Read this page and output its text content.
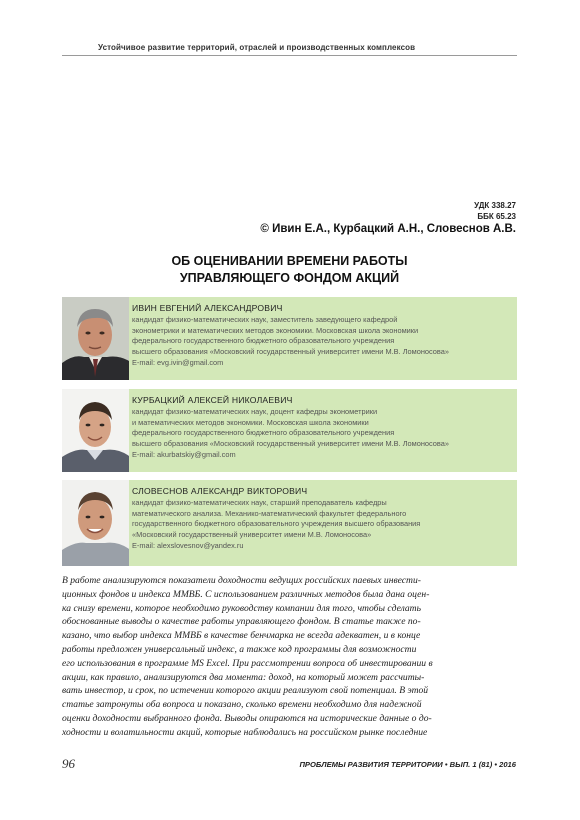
Устойчивое развитие территорий, отраслей и производственных комплексов
УДК 338.27
ББК 65.23
© Ивин Е.А., Курбацкий А.Н., Словеснов А.В.
ОБ ОЦЕНИВАНИИ ВРЕМЕНИ РАБОТЫ
УПРАВЛЯЮЩЕГО ФОНДОМ АКЦИЙ
ИВИН ЕВГЕНИЙ АЛЕКСАНДРОВИЧ
кандидат физико-математических наук, заместитель заведующего кафедрой
эконометрики и математических методов экономики. Московская школа экономики
федерального государственного бюджетного образовательного учреждения
высшего образования «Московский государственный университет имени М.В. Ломоносова»
E-mail: evg.ivin@gmail.com
КУРБАЦКИЙ АЛЕКСЕЙ НИКОЛАЕВИЧ
кандидат физико-математических наук, доцент кафедры эконометрики
и математических методов экономики. Московская школа экономики
федерального государственного бюджетного образовательного учреждения
высшего образования «Московский государственный университет имени М.В. Ломоносова»
E-mail: akurbatskiy@gmail.com
СЛОВЕСНОВ АЛЕКСАНДР ВИКТОРОВИЧ
кандидат физико-математических наук, старший преподаватель кафедры
математического анализа. Механико-математический факультет федерального
государственного бюджетного образовательного учреждения высшего образования
«Московский государственный университет имени М.В. Ломоносова»
E-mail: alexslovesnov@yandex.ru
В работе анализируются показатели доходности ведущих российских паевых инвести-
ционных фондов и индекса ММВБ. С использованием различных методов была дана оцен-
ка снизу времени, которое необходимо руководству компании для того, чтобы сделать
обоснованные выводы о качестве работы управляющего фондом. В статье также по-
казано, что выбор индекса ММВБ в качестве бенчмарка не всегда адекватен, и в конце
работы предложен универсальный индекс, а также код программы для возможности
его использования в программе MS Excel. При рассмотрении вопроса об инвестировании в
акции, как правило, анализируются два момента: доход, на который может рассчиты-
вать инвестор, и срок, по истечении которого акции реализуют свой потенциал. В этой
статье затронуты оба вопроса и показано, сколько времени необходимо для надежной
оценки доходности выбранного фонда. Выводы опираются на исторические данные о до-
ходности и волатильности акций, которые наблюдались на российском рынке последние
96	ПРОБЛЕМЫ РАЗВИТИЯ ТЕРРИТОРИИ • ВЫП. 1 (81) • 2016
